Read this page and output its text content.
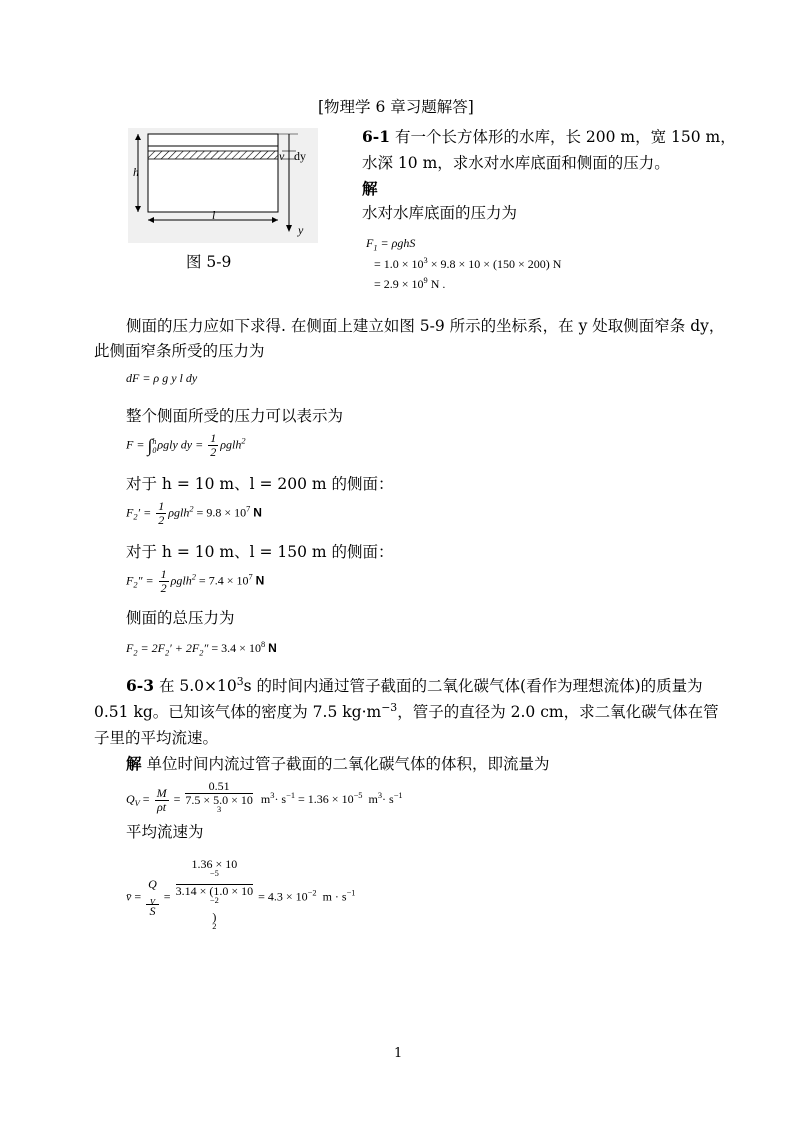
[物理学 6 章习题解答]
h
l
v dy
y
图 5-9
6-1 有一个长方体形的水库，长 200 m，宽 150 m，
水深 10 m，求水对水库底面和侧面的压力。
解
水对水库底面的压力为
$F_1 = \rho ghS$
= $1.0 \times 10^3 \times 9.8 \times 10 \times (150 \times 200)$ N
= $2.9 \times 10^9$ N .
侧面的压力应如下求得. 在侧面上建立如图 5-9 所示的坐标系，在 y 处取侧面窄条 dy，
此侧面窄条所受的压力为
dF = ρ g y l dy
整个侧面所受的压力可以表示为
F = ∫ h
0 ρgly dy = $\frac{1}{2} \rho glh^2$
对于 h = 10 m、l = 200 m 的侧面：
$F_2' = \frac{1}{2} \rho glh^2 = 9.8 \times 10^7$ N
对于 h = 10 m、l = 150 m 的侧面：
$F_2'' = \frac{1}{2} \rho glh^2 = 7.4 \times 10^7$ N
侧面的总压力为
$F_2 = 2F_2' + 2F_2'' = 3.4 \times 10^8$ N
6-3 在 $5.0\times 10^3s$ 的时间内通过管子截面的二氧化碳气体(看作为理想流体)的质量为
0.51 kg。已知该气体的密度为 7.5 $kg\cdot m^{-3}$，管子的直径为 2.0 cm，求二氧化碳气体在管
子里的平均流速。
解 单位时间内流过管子截面的二氧化碳气体的体积，即流量为
$Q_V = \frac{M}{\rho t} = 0.51$
7.5 × 5.0 × 10
$^3$ $m^3\cdot s^{-1} = 1.36 \times 10^{-5}$ $m^3\cdot s^{-1}$
平均流速为
v̄ = Q
$_V$
S = 1.36 × 10
$^{-5}$
3.14 × (1.0 × 10
$^{-2}$
)
$^2 = 4.3 \times 10^{-2}$ $m \cdot s^{-1}$
1
